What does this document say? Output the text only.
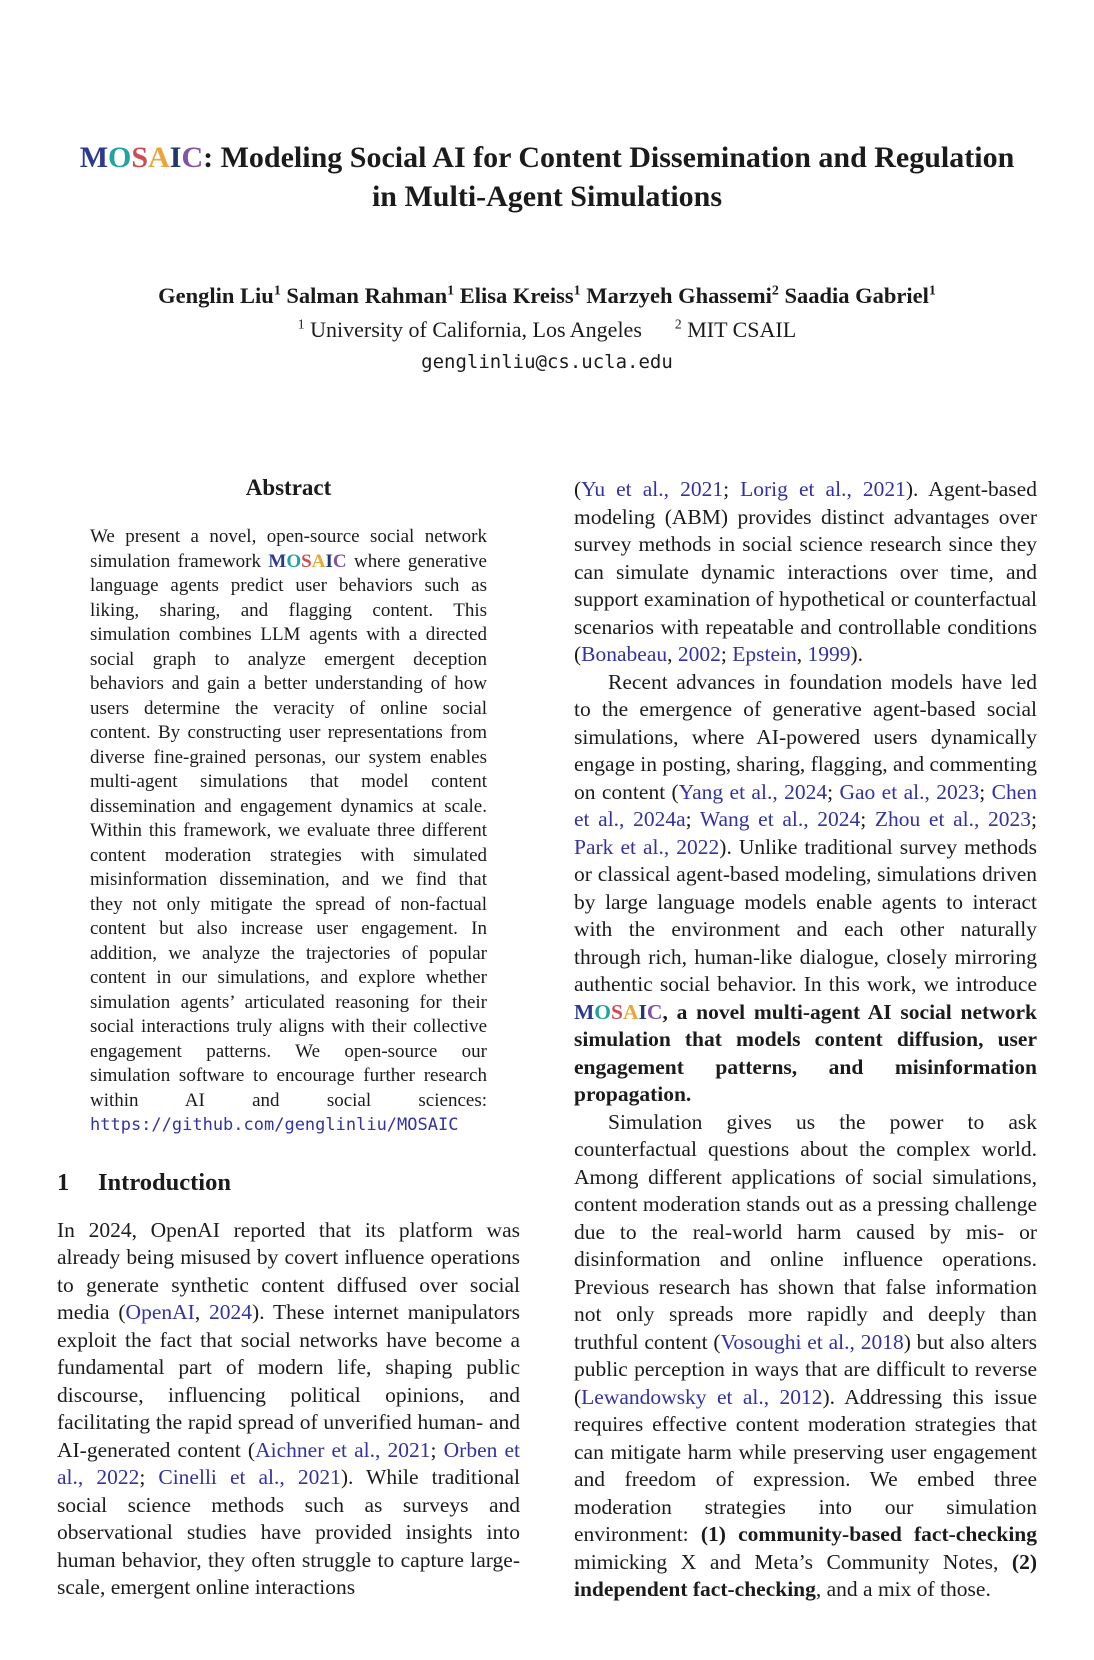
MOSAIC: Modeling Social AI for Content Dissemination and Regulation in Multi-Agent Simulations
Genglin Liu$^1$ Salman Rahman$^1$ Elisa Kreiss$^1$ Marzyeh Ghassemi$^2$ Saadia Gabriel$^1$
$^1$ University of California, Los Angeles   $^2$ MIT CSAIL
genglinliu@cs.ucla.edu
Abstract

We present a novel, open-source social network simulation framework MOSAIC where generative language agents predict user behaviors such as liking, sharing, and flagging content. This simulation combines LLM agents with a directed social graph to analyze emergent deception behaviors and gain a better understanding of how users determine the veracity of online social content. By constructing user representations from diverse fine-grained personas, our system enables multi-agent simulations that model content dissemination and engagement dynamics at scale. Within this framework, we evaluate three different content moderation strategies with simulated misinformation dissemination, and we find that they not only mitigate the spread of non-factual content but also increase user engagement. In addition, we analyze the trajectories of popular content in our simulations, and explore whether simulation agents’ articulated reasoning for their social interactions truly aligns with their collective engagement patterns. We open-source our simulation software to encourage further research within AI and social sciences: https://github.com/genglinliu/MOSAIC

1 Introduction

In 2024, OpenAI reported that its platform was already being misused by covert influence operations to generate synthetic content diffused over social media (OpenAI, 2024). These internet manipulators exploit the fact that social networks have become a fundamental part of modern life, shaping public discourse, influencing political opinions, and facilitating the rapid spread of unverified human- and AI-generated content (Aichner et al., 2021; Orben et al., 2022; Cinelli et al., 2021). While traditional social science methods such as surveys and observational studies have provided insights into human behavior, they often struggle to capture large-scale, emergent online interactions

(Yu et al., 2021; Lorig et al., 2021). Agent-based modeling (ABM) provides distinct advantages over survey methods in social science research since they can simulate dynamic interactions over time, and support examination of hypothetical or counterfactual scenarios with repeatable and controllable conditions (Bonabeau, 2002; Epstein, 1999).

Recent advances in foundation models have led to the emergence of generative agent-based social simulations, where AI-powered users dynamically engage in posting, sharing, flagging, and commenting on content (Yang et al., 2024; Gao et al., 2023; Chen et al., 2024a; Wang et al., 2024; Zhou et al., 2023; Park et al., 2022). Unlike traditional survey methods or classical agent-based modeling, simulations driven by large language models enable agents to interact with the environment and each other naturally through rich, human-like dialogue, closely mirroring authentic social behavior. In this work, we introduce MOSAIC, a novel multi-agent AI social network simulation that models content diffusion, user engagement patterns, and misinformation propagation.

Simulation gives us the power to ask counterfactual questions about the complex world. Among different applications of social simulations, content moderation stands out as a pressing challenge due to the real-world harm caused by mis- or disinformation and online influence operations. Previous research has shown that false information not only spreads more rapidly and deeply than truthful content (Vosoughi et al., 2018) but also alters public perception in ways that are difficult to reverse (Lewandowsky et al., 2012). Addressing this issue requires effective content moderation strategies that can mitigate harm while preserving user engagement and freedom of expression. We embed three moderation strategies into our simulation environment: (1) community-based fact-checking mimicking X and Meta’s Community Notes, (2) independent fact-checking, and a mix of those.
